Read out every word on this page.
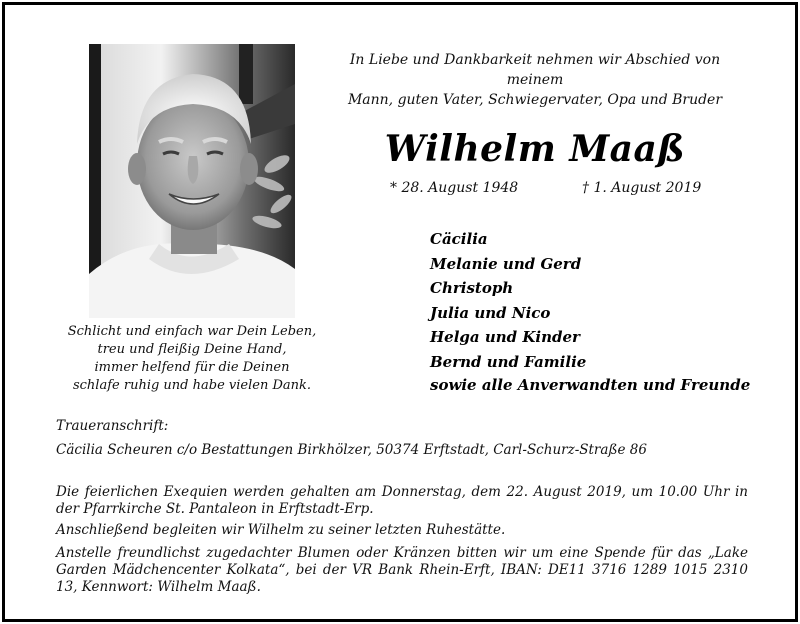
Schlicht und einfach war Dein Leben,
treu und fleißig Deine Hand,
immer helfend für die Deinen
schlafe ruhig und habe vielen Dank.
In Liebe und Dankbarkeit nehmen wir Abschied von meinem
Mann, guten Vater, Schwiegervater, Opa und Bruder
Wilhelm Maaß
* 28. August 1948	† 1. August 2019
Cäcilia
Melanie und Gerd
Christoph
Julia und Nico
Helga und Kinder
Bernd und Familie
sowie alle Anverwandten und Freunde
Traueranschrift:
Cäcilia Scheuren c/o Bestattungen Birkhölzer, 50374 Erftstadt, Carl-Schurz-Straße 86

Die feierlichen Exequien werden gehalten am Donnerstag, dem 22. August 2019, um 10.00 Uhr in der Pfarrkirche St. Pantaleon in Erftstadt-Erp.

Anschließend begleiten wir Wilhelm zu seiner letzten Ruhestätte.

Anstelle freundlichst zugedachter Blumen oder Kränzen bitten wir um eine Spende für das „Lake Garden Mädchencenter Kolkata“, bei der VR Bank Rhein-Erft, IBAN: DE11 3716 1289 1015 2310 13, Kennwort: Wilhelm Maaß.
